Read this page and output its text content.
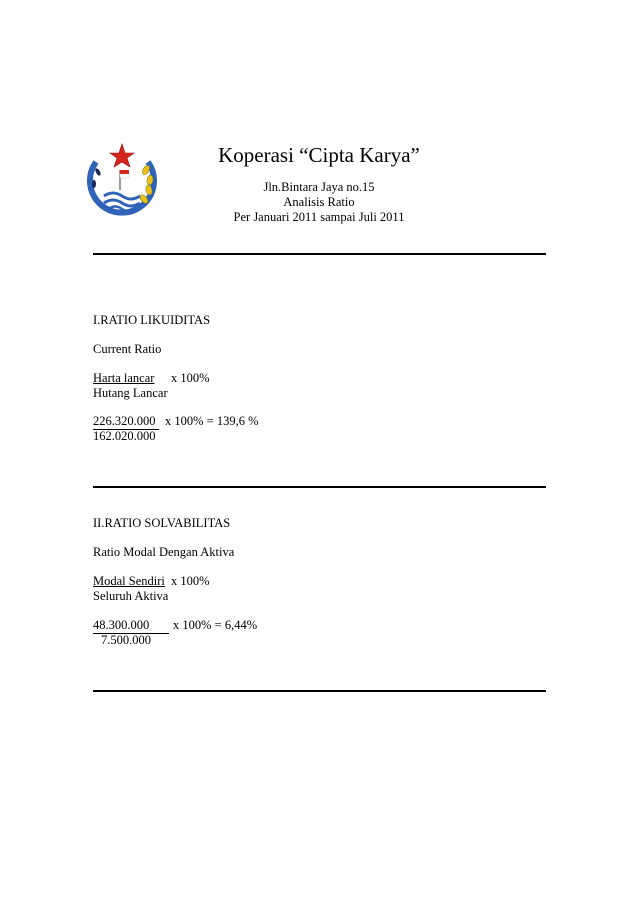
Koperasi “Cipta Karya”
Jln.Bintara Jaya no.15
Analisis Ratio
Per Januari 2011 sampai Juli 2011
I.RATIO LIKUIDITAS
Current Ratio
Harta lancar x 100%
Hutang Lancar
226.320.000 x 100% = 139,6 %
162.020.000
II.RATIO SOLVABILITAS
Ratio Modal Dengan Aktiva
Modal Sendiri x 100%
Seluruh Aktiva
48.300.000 x 100% = 6,44%
7.500.000
